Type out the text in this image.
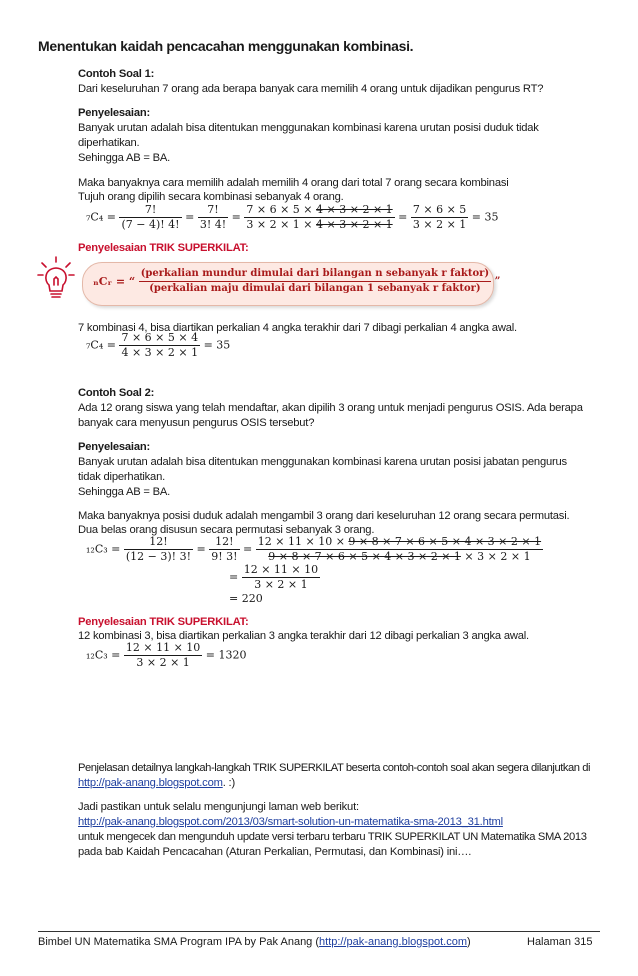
Menentukan kaidah pencacahan menggunakan kombinasi.
Contoh Soal 1:
Dari keseluruhan 7 orang ada berapa banyak cara memilih 4 orang untuk dijadikan pengurus RT?
Penyelesaian:
Banyak urutan adalah bisa ditentukan menggunakan kombinasi karena urutan posisi duduk tidak
diperhatikan.
Sehingga AB = BA.
Maka banyaknya cara memilih adalah memilih 4 orang dari total 7 orang secara kombinasi
Tujuh orang dipilih secara kombinasi sebanyak 4 orang.
$_7C_4 = \frac{7!}{(7 - 4)! 4!} = \frac{7!}{3! 4!} = \frac{7 \times 6 \times 5 \times 4 \times 3 \times 2 \times 1}{3 \times 2 \times 1 \times 4 \times 3 \times 2 \times 1} = \frac{7 \times 6 \times 5}{3 \times 2 \times 1} = 35$
Penyelesaian TRIK SUPERKILAT:
ₙCᵣ = “ $\frac{\text{(perkalian mundur dimulai dari bilangan n sebanyak r faktor)}}{\text{(perkalian maju dimulai dari bilangan 1 sebanyak r faktor)}}$ ”
7 kombinasi 4, bisa diartikan perkalian 4 angka terakhir dari 7 dibagi perkalian 4 angka awal.
$_7C_4 = \frac{7 \times 6 \times 5 \times 4}{4 \times 3 \times 2 \times 1} = 35$
Contoh Soal 2:
Ada 12 orang siswa yang telah mendaftar, akan dipilih 3 orang untuk menjadi pengurus OSIS. Ada berapa
banyak cara menyusun pengurus OSIS tersebut?
Penyelesaian:
Banyak urutan adalah bisa ditentukan menggunakan kombinasi karena urutan posisi jabatan pengurus
tidak diperhatikan.
Sehingga AB = BA.
Maka banyaknya posisi duduk adalah mengambil 3 orang dari keseluruhan 12 orang secara permutasi.
Dua belas orang disusun secara permutasi sebanyak 3 orang.
$_{12}C_3 = \frac{12!}{(12 - 3)! 3!} = \frac{12!}{9! 3!} = \frac{12 \times 11 \times 10 \times 9 \times 8 \times 7 \times 6 \times 5 \times 4 \times 3 \times 2 \times 1}{9 \times 8 \times 7 \times 6 \times 5 \times 4 \times 3 \times 2 \times 1 \times 3 \times 2 \times 1}$
= $\frac{12 \times 11 \times 10}{3 \times 2 \times 1}$
= 220
Penyelesaian TRIK SUPERKILAT:
12 kombinasi 3, bisa diartikan perkalian 3 angka terakhir dari 12 dibagi perkalian 3 angka awal.
$_{12}C_3 = \frac{12 \times 11 \times 10}{3 \times 2 \times 1} = 1320$
Penjelasan detailnya langkah-langkah TRIK SUPERKILAT beserta contoh-contoh soal akan segera dilanjutkan di
http://pak-anang.blogspot.com. :)
Jadi pastikan untuk selalu mengunjungi laman web berikut:
http://pak-anang.blogspot.com/2013/03/smart-solution-un-matematika-sma-2013_31.html
untuk mengecek dan mengunduh update versi terbaru terbaru TRIK SUPERKILAT UN Matematika SMA 2013
pada bab Kaidah Pencacahan (Aturan Perkalian, Permutasi, dan Kombinasi) ini….
Bimbel UN Matematika SMA Program IPA by Pak Anang (http://pak-anang.blogspot.com)	Halaman 315
